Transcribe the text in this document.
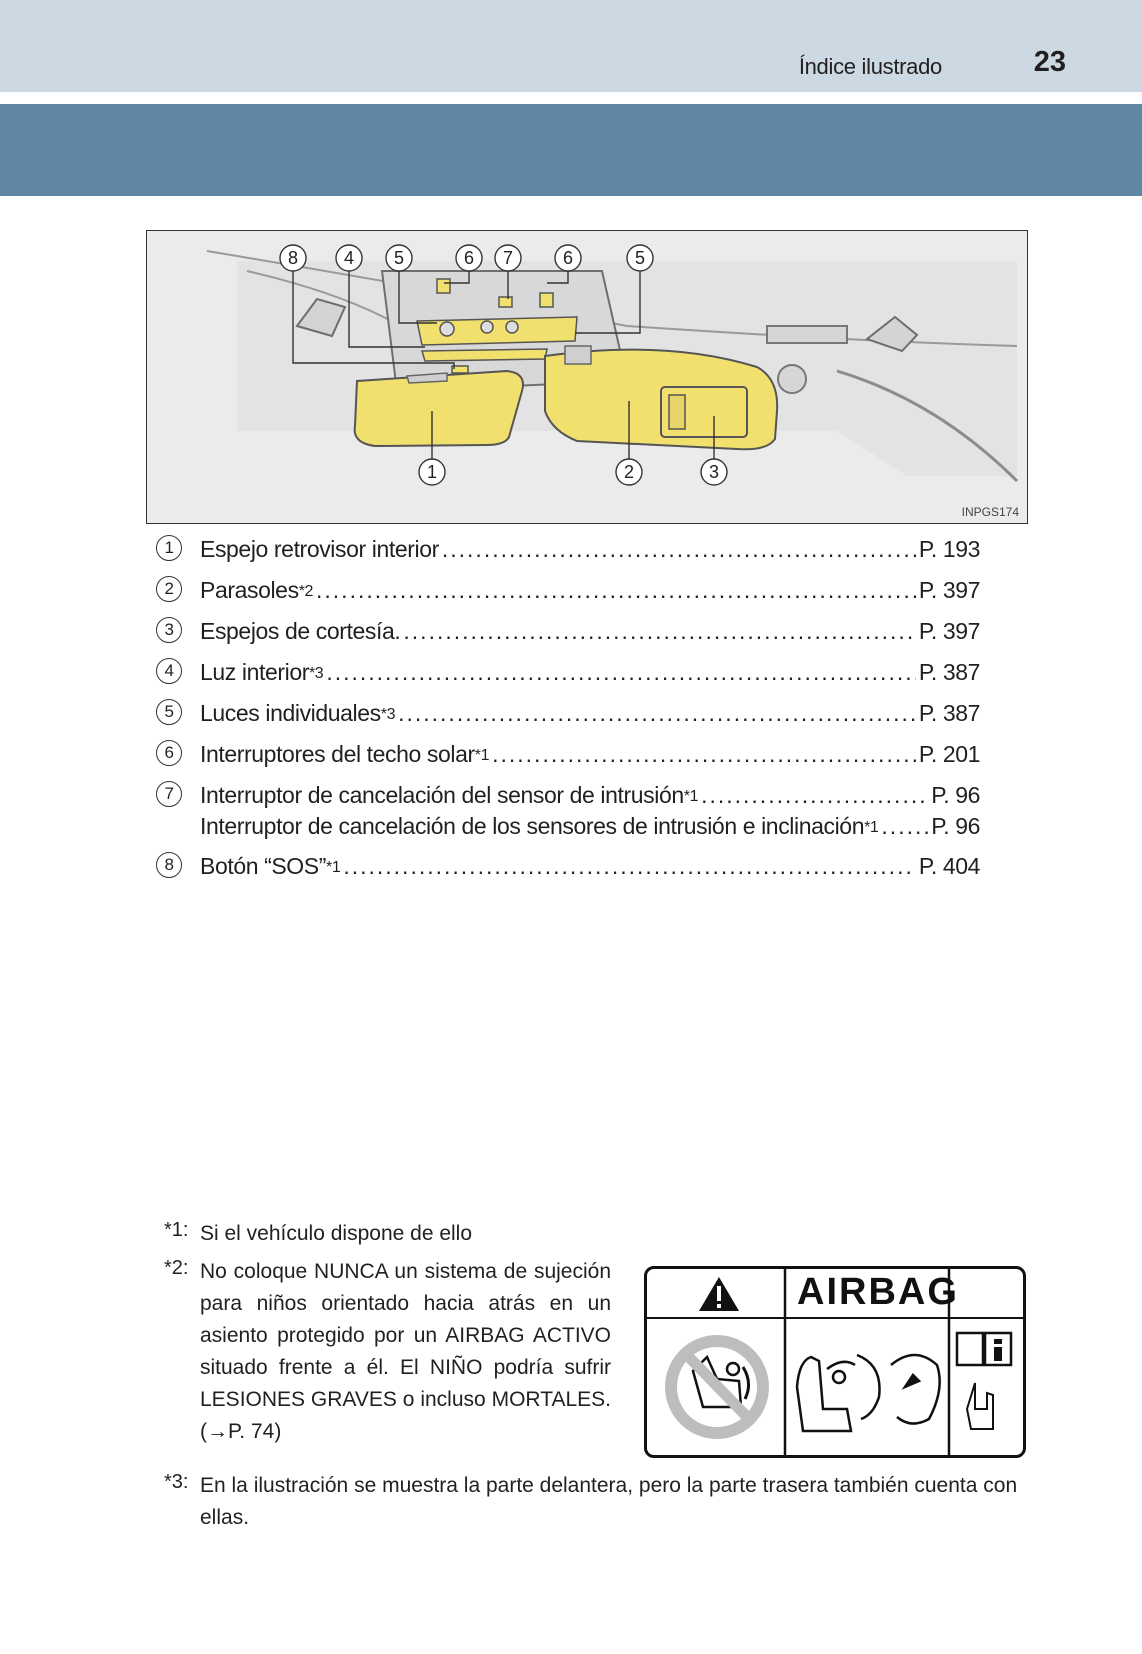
Índice ilustrado	23
8	4 5	6 7	6	5
1	2	3
INPGS174
1	Espejo retrovisor interior .....	P. 193
2	Parasoles$^{*2}$ .....	P. 397
3	Espejos de cortesía. .....	P. 397
4	Luz interior$^{*3}$ .....	P. 387
5	Luces individuales$^{*3}$ .....	P. 387
6	Interruptores del techo solar$^{*1}$ .....	P. 201
7	Interruptor de cancelación del sensor de intrusión$^{*1}$ .....	P. 96
Interruptor de cancelación de los sensores de intrusión e inclinación$^{*1}$ ..... P. 96
8	Botón “SOS”$^{*1}$ .....	P. 404
*1: Si el vehículo dispone de ello
*2: No coloque NUNCA un sistema de sujeción para niños orientado hacia atrás en un asiento protegido por un AIRBAG ACTIVO situado frente a él. El NIÑO podría sufrir LESIONES GRAVES o incluso MORTALES. (→P. 74)
*3: En la ilustración se muestra la parte delantera, pero la parte trasera también cuenta con ellas.
AIRBAG
